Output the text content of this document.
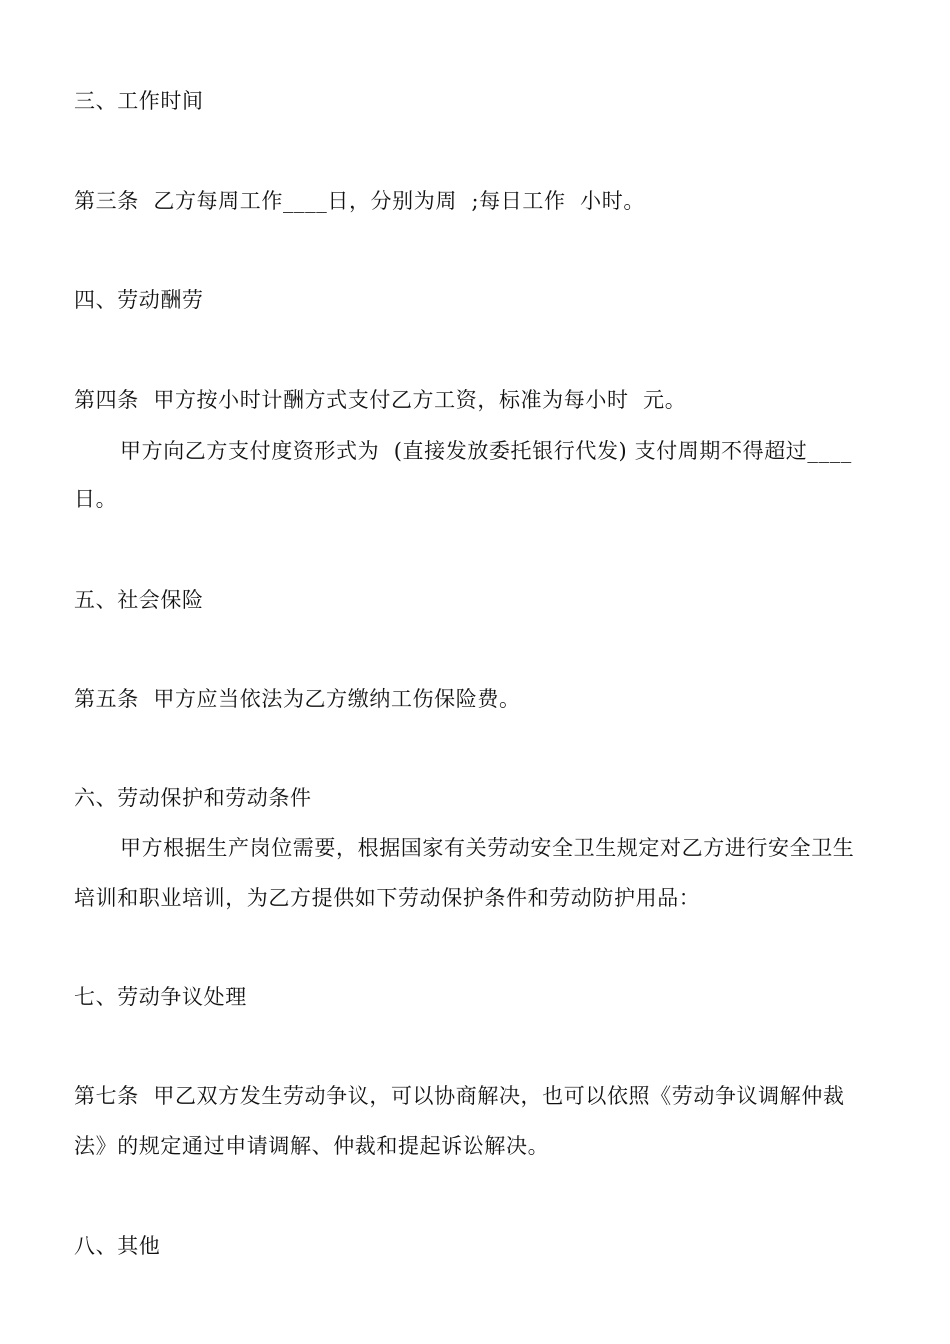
三、工作时间
第三条  乙方每周工作____日，分别为周  ;每日工作  小时。
四、劳动酬劳
第四条  甲方按小时计酬方式支付乙方工资，标准为每小时  元。
甲方向乙方支付度资形式为  (直接发放委托银行代发) 支付周期不得超过____
日。
五、社会保险
第五条  甲方应当依法为乙方缴纳工伤保险费。
六、劳动保护和劳动条件
甲方根据生产岗位需要，根据国家有关劳动安全卫生规定对乙方进行安全卫生
培训和职业培训，为乙方提供如下劳动保护条件和劳动防护用品：
七、劳动争议处理
第七条  甲乙双方发生劳动争议，可以协商解决，也可以依照《劳动争议调解仲裁
法》的规定通过申请调解、仲裁和提起诉讼解决。
八、其他
